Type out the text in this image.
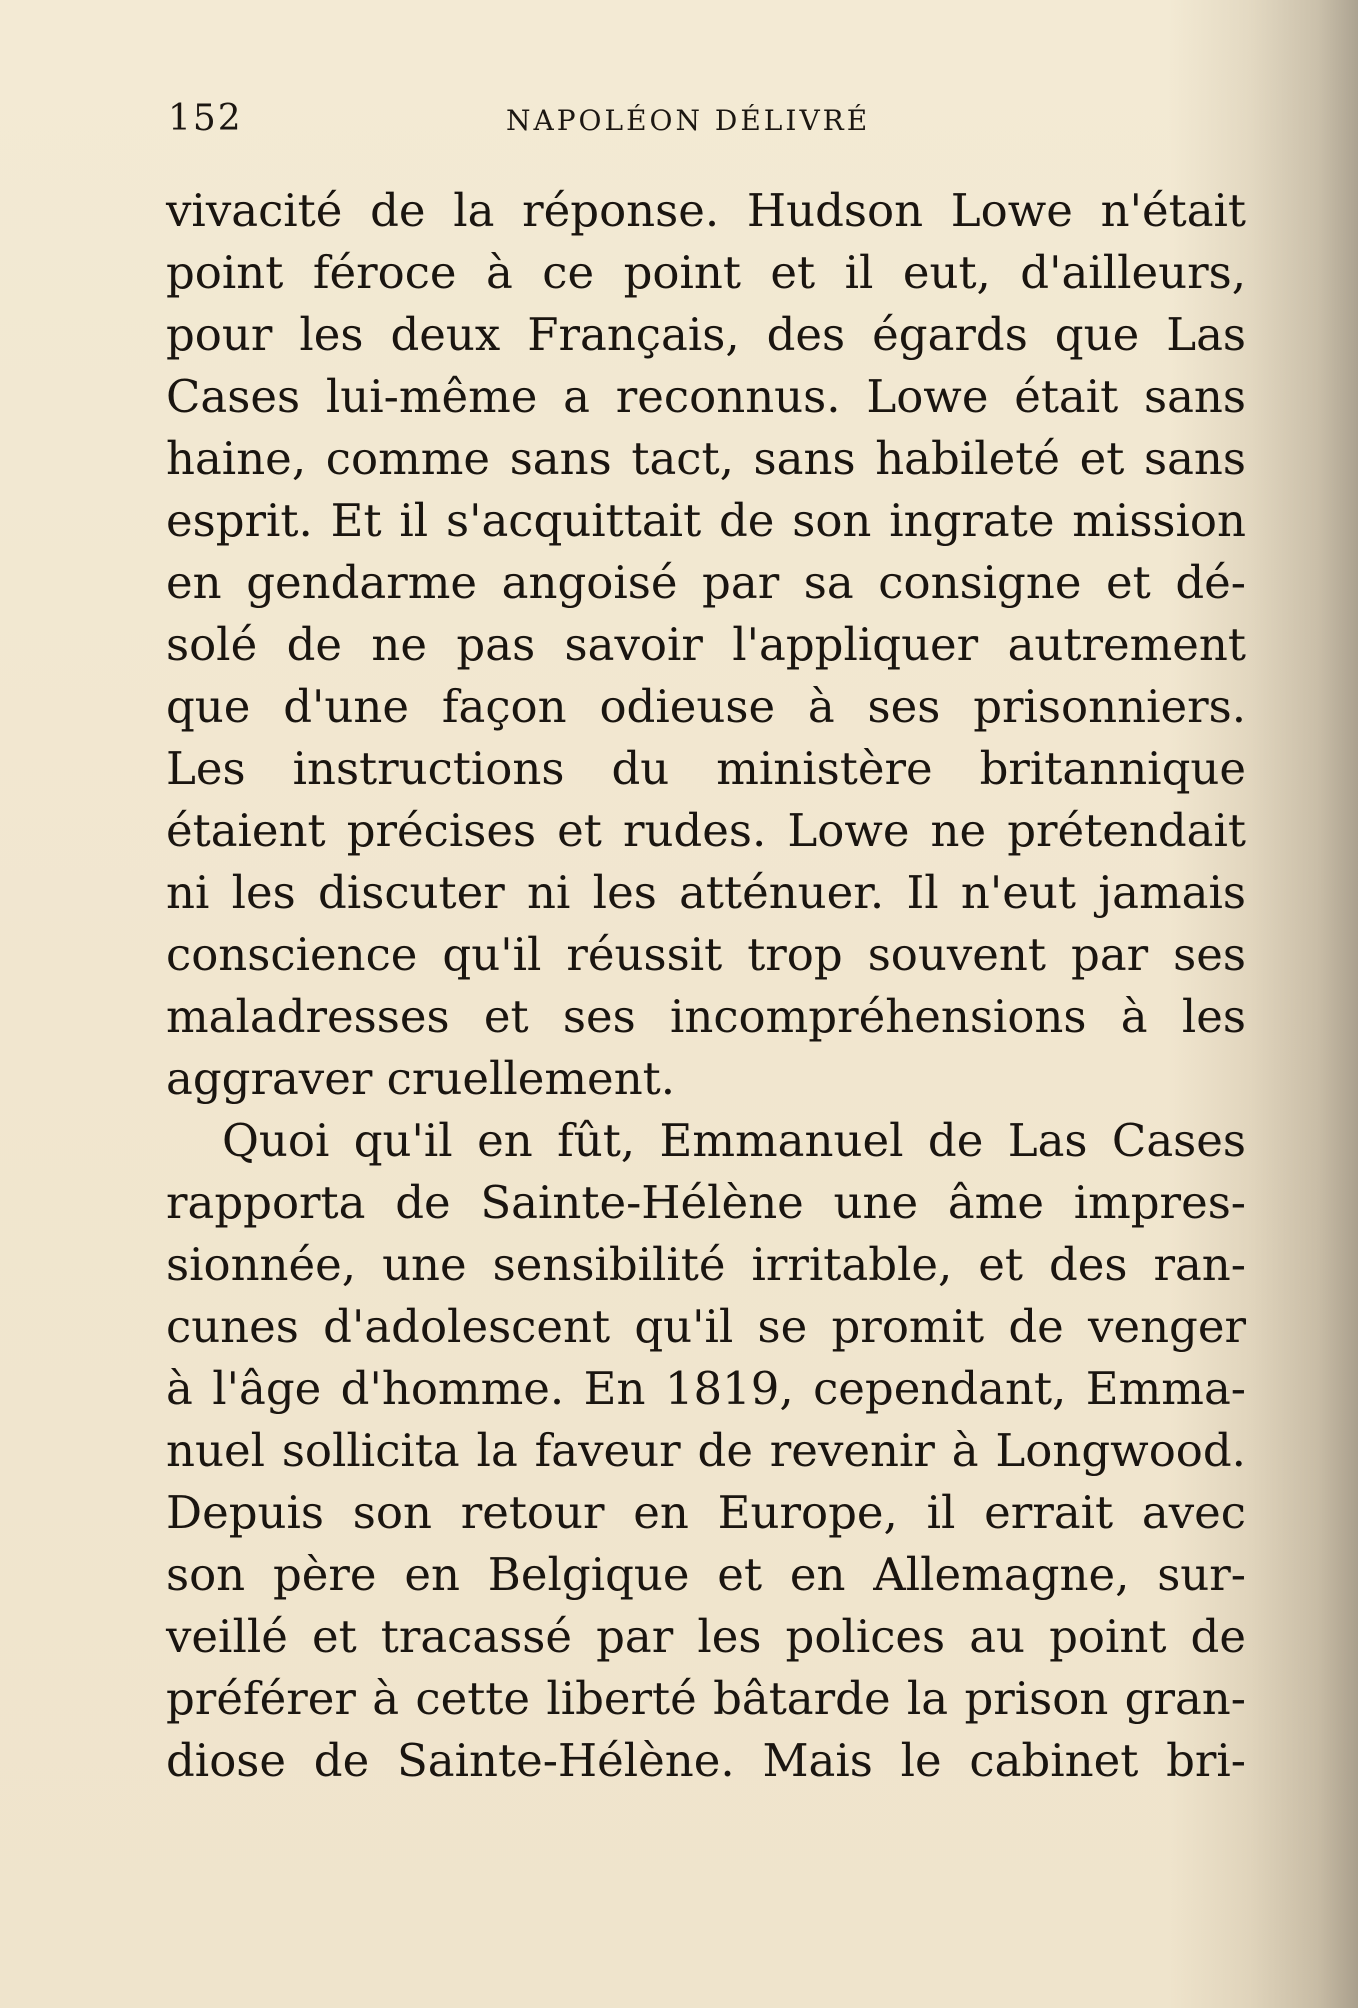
152	NAPOLÉON DÉLIVRÉ
vivacité de la réponse. Hudson Lowe n'était
point féroce à ce point et il eut, d'ailleurs,
pour les deux Français, des égards que Las
Cases lui-même a reconnus. Lowe était sans
haine, comme sans tact, sans habileté et sans
esprit. Et il s'acquittait de son ingrate mission
en gendarme angoisé par sa consigne et dé-
solé de ne pas savoir l'appliquer autrement
que d'une façon odieuse à ses prisonniers.
Les instructions du ministère britannique
étaient précises et rudes. Lowe ne prétendait
ni les discuter ni les atténuer. Il n'eut jamais
conscience qu'il réussit trop souvent par ses
maladresses et ses incompréhensions à les
aggraver cruellement.
Quoi qu'il en fût, Emmanuel de Las Cases
rapporta de Sainte-Hélène une âme impres-
sionnée, une sensibilité irritable, et des ran-
cunes d'adolescent qu'il se promit de venger
à l'âge d'homme. En 1819, cependant, Emma-
nuel sollicita la faveur de revenir à Longwood.
Depuis son retour en Europe, il errait avec
son père en Belgique et en Allemagne, sur-
veillé et tracassé par les polices au point de
préférer à cette liberté bâtarde la prison gran-
diose de Sainte-Hélène. Mais le cabinet bri-
